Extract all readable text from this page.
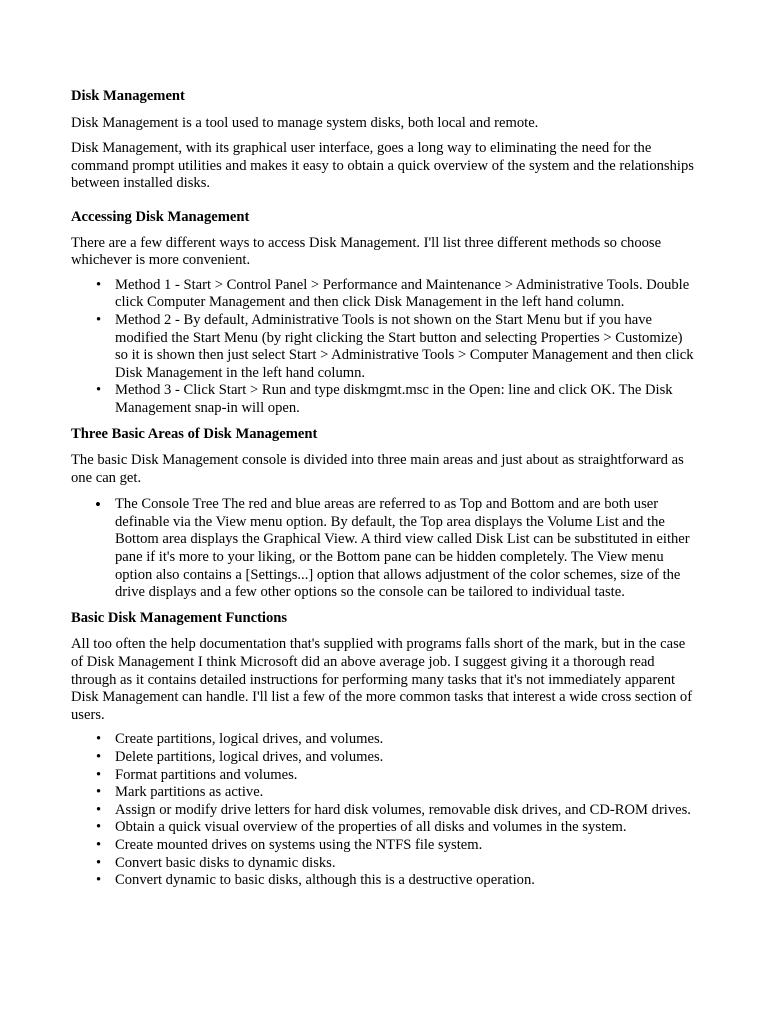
Disk Management

Disk Management is a tool used to manage system disks, both local and remote.

Disk Management, with its graphical user interface, goes a long way to eliminating the need for the command prompt utilities and makes it easy to obtain a quick overview of the system and the relationships between installed disks.

Accessing Disk Management

There are a few different ways to access Disk Management. I'll list three different methods so choose whichever is more convenient.

• Method 1 - Start > Control Panel > Performance and Maintenance > Administrative Tools. Double click Computer Management and then click Disk Management in the left hand column.
• Method 2 - By default, Administrative Tools is not shown on the Start Menu but if you have modified the Start Menu (by right clicking the Start button and selecting Properties > Customize) so it is shown then just select Start > Administrative Tools > Computer Management and then click Disk Management in the left hand column.
• Method 3 - Click Start > Run and type diskmgmt.msc in the Open: line and click OK. The Disk Management snap-in will open.
Three Basic Areas of Disk Management

The basic Disk Management console is divided into three main areas and just about as straightforward as one can get.

• The Console Tree The red and blue areas are referred to as Top and Bottom and are both user definable via the View menu option. By default, the Top area displays the Volume List and the Bottom area displays the Graphical View. A third view called Disk List can be substituted in either pane if it's more to your liking, or the Bottom pane can be hidden completely. The View menu option also contains a [Settings...] option that allows adjustment of the color schemes, size of the drive displays and a few other options so the console can be tailored to individual taste.
Basic Disk Management Functions

All too often the help documentation that's supplied with programs falls short of the mark, but in the case of Disk Management I think Microsoft did an above average job. I suggest giving it a thorough read through as it contains detailed instructions for performing many tasks that it's not immediately apparent Disk Management can handle. I'll list a few of the more common tasks that interest a wide cross section of users.

• Create partitions, logical drives, and volumes.
• Delete partitions, logical drives, and volumes.
• Format partitions and volumes.
• Mark partitions as active.
• Assign or modify drive letters for hard disk volumes, removable disk drives, and CD-ROM drives.
• Obtain a quick visual overview of the properties of all disks and volumes in the system.
• Create mounted drives on systems using the NTFS file system.
• Convert basic disks to dynamic disks.
• Convert dynamic to basic disks, although this is a destructive operation.
